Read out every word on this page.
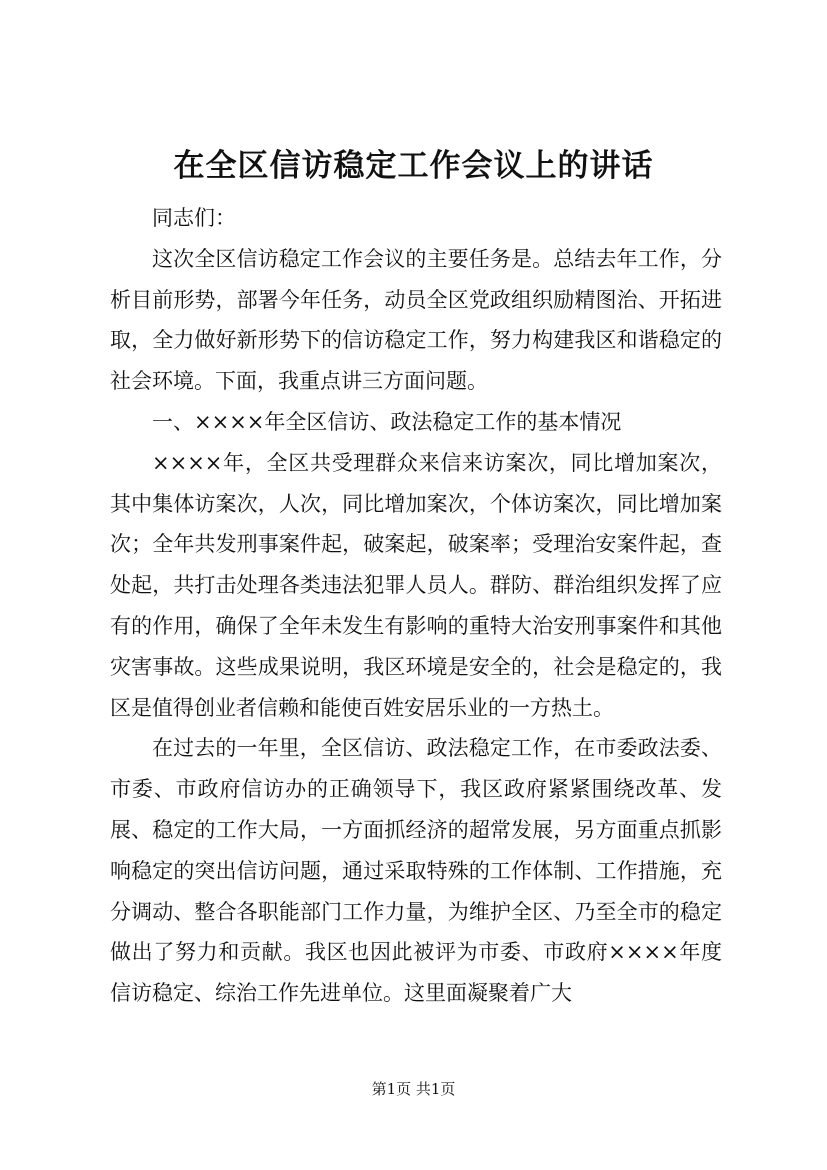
在全区信访稳定工作会议上的讲话

同志们：

这次全区信访稳定工作会议的主要任务是。总结去年工作，分析目前形势，部署今年任务，动员全区党政组织励精图治、开拓进取，全力做好新形势下的信访稳定工作，努力构建我区和谐稳定的社会环境。下面，我重点讲三方面问题。

一、××××年全区信访、政法稳定工作的基本情况

××××年，全区共受理群众来信来访案次，同比增加案次，其中集体访案次，人次，同比增加案次，个体访案次，同比增加案次；全年共发刑事案件起，破案起，破案率；受理治安案件起，查处起，共打击处理各类违法犯罪人员人。群防、群治组织发挥了应有的作用，确保了全年未发生有影响的重特大治安刑事案件和其他灾害事故。这些成果说明，我区环境是安全的，社会是稳定的，我区是值得创业者信赖和能使百姓安居乐业的一方热土。

在过去的一年里，全区信访、政法稳定工作，在市委政法委、市委、市政府信访办的正确领导下，我区政府紧紧围绕改革、发展、稳定的工作大局，一方面抓经济的超常发展，另方面重点抓影响稳定的突出信访问题，通过采取特殊的工作体制、工作措施，充分调动、整合各职能部门工作力量，为维护全区、乃至全市的稳定做出了努力和贡献。我区也因此被评为市委、市政府××××年度信访稳定、综治工作先进单位。这里面凝聚着广大

第1页 共1页
